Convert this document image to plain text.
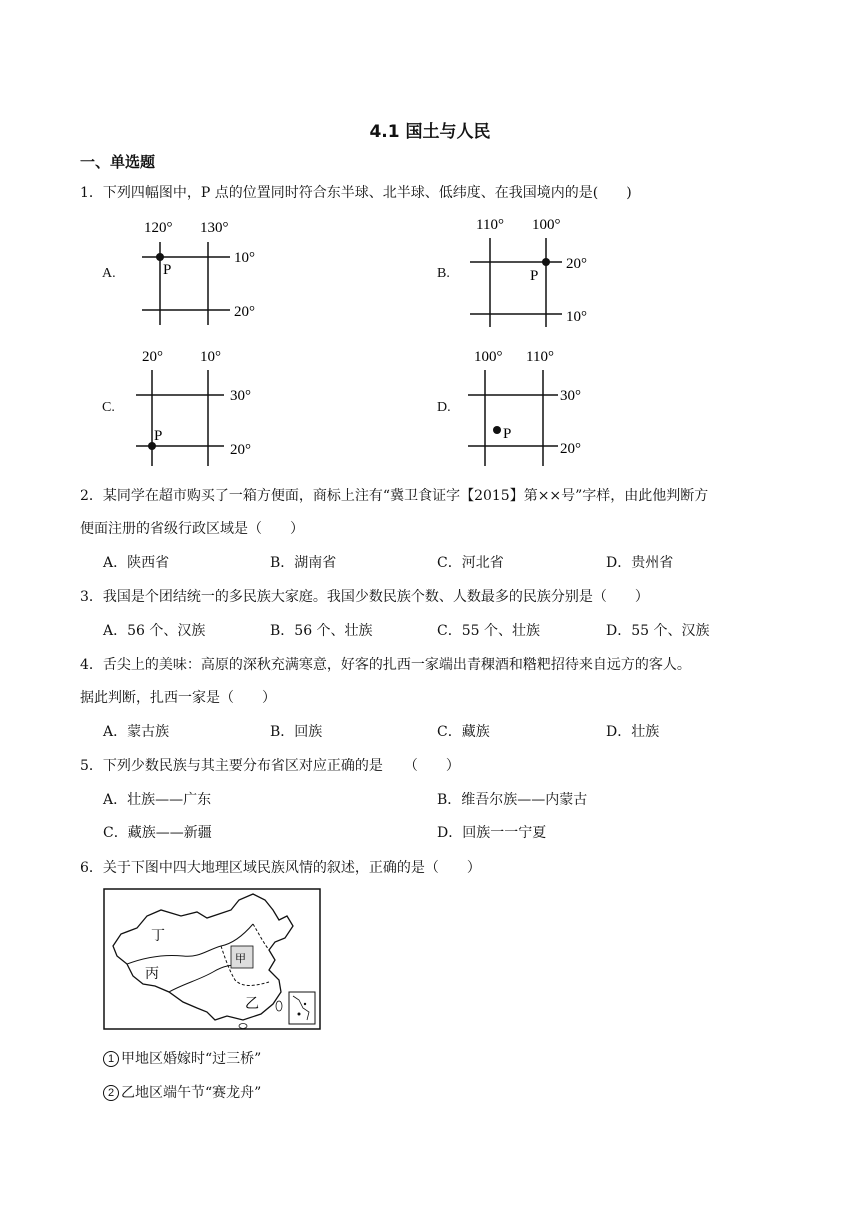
4.1 国土与人民
一、单选题
1．下列四幅图中，P 点的位置同时符合东半球、北半球、低纬度、在我国境内的是(　　)
A.
120° 130°
10°
20°
P	B.
110° 100°
20°
10°
P
C.
20° 10°
30°
20°
P
D.
100° 110°
30°
20°
P
2．某同学在超市购买了一箱方便面，商标上注有“冀卫食证字【2015】第××号”字样，由此他判断方
便面注册的省级行政区域是（　　）
A．陕西省	B．湖南省	C．河北省	D．贵州省
3．我国是个团结统一的多民族大家庭。我国少数民族个数、人数最多的民族分别是（　　）
A．56 个、汉族	B．56 个、壮族	C．55 个、壮族	D．55 个、汉族
4．舌尖上的美味：高原的深秋充满寒意，好客的扎西一家端出青稞酒和糌粑招待来自远方的客人。
据此判断，扎西一家是（　　）
A．蒙古族	B．回族	C．藏族	D．壮族
5．下列少数民族与其主要分布省区对应正确的是　　（　　）
A．壮族——广东	B．维吾尔族——内蒙古
C．藏族——新疆	D．回族一一宁夏
6．关于下图中四大地理区域民族风情的叙述，正确的是（　　）
丁
甲
丙
乙
1 甲地区婚嫁时“过三桥”
2 乙地区端午节“赛龙舟”
